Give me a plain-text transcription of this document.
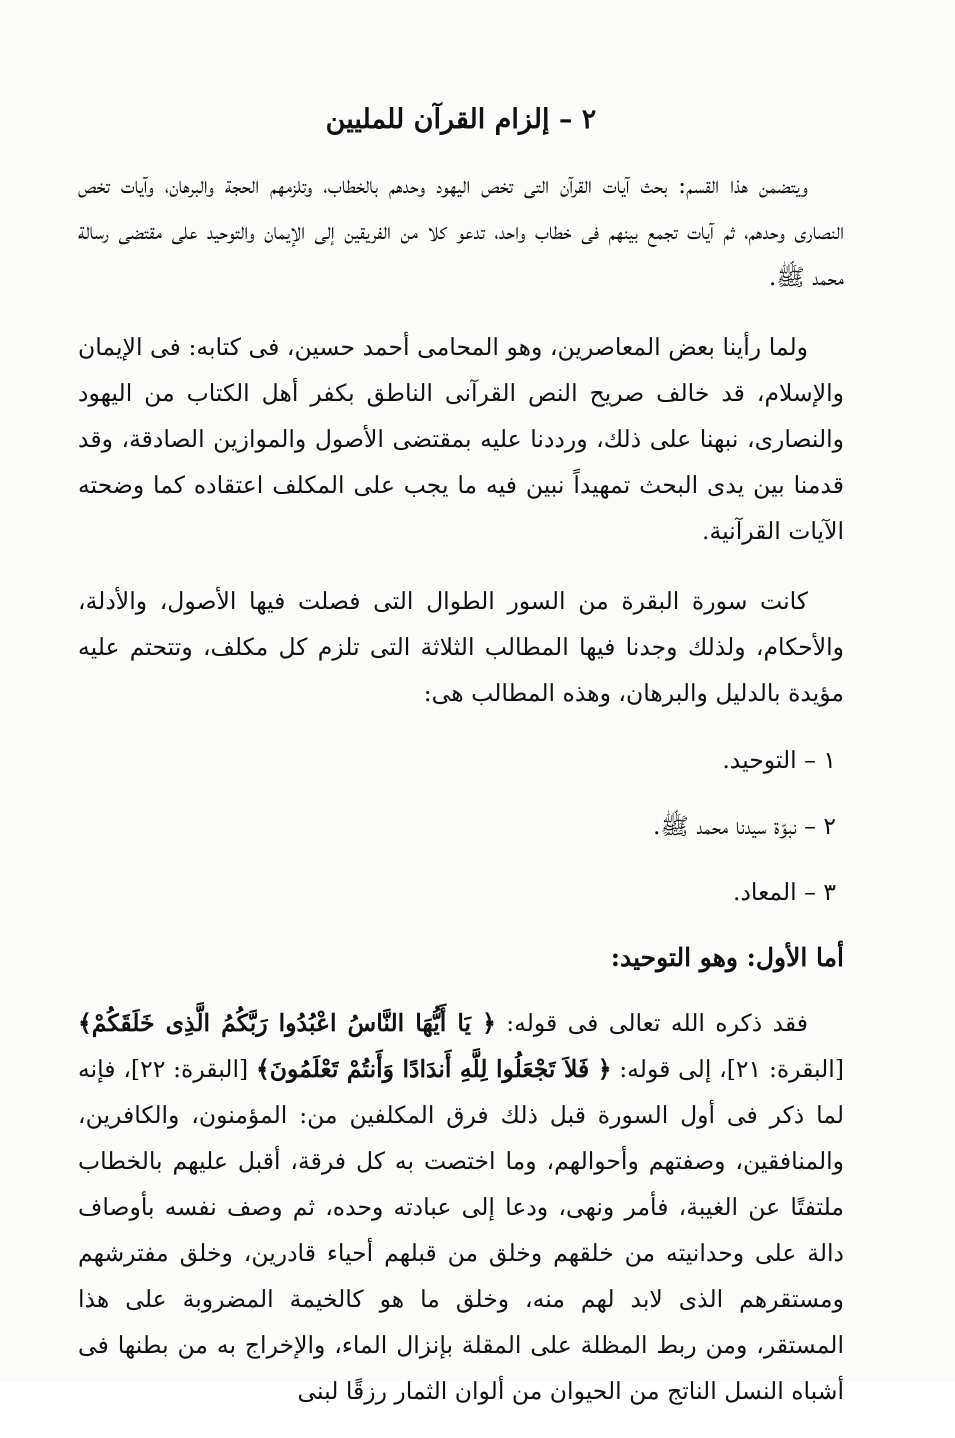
٢ – إلزام القرآن للمليين

ويتضمن هذا القسم: بحث آيات القرآن التى تخص اليهود وحدهم بالخطاب، وتلزمهم الحجة والبرهان، وآيات تخص النصارى وحدهم، ثم آيات تجمع بينهم فى خطاب واحد، تدعو كلا من الفريقين إلى الإيمان والتوحيد على مقتضى رسالة محمد ﷺ.

ولما رأينا بعض المعاصرين، وهو المحامى أحمد حسين، فى كتابه: فى الإيمان والإسلام، قد خالف صريح النص القرآنى الناطق بكفر أهل الكتاب من اليهود والنصارى، نبهنا على ذلك، ورددنا عليه بمقتضى الأصول والموازين الصادقة، وقد قدمنا بين يدى البحث تمهيداً نبين فيه ما يجب على المكلف اعتقاده كما وضحته الآيات القرآنية.

كانت سورة البقرة من السور الطوال التى فصلت فيها الأصول، والأدلة، والأحكام، ولذلك وجدنا فيها المطالب الثلاثة التى تلزم كل مكلف، وتتحتم عليه مؤيدة بالدليل والبرهان، وهذه المطالب هى:

١ – التوحيد.
٢ – نبوّة سيدنا محمد ﷺ.
٣ – المعاد.
أما الأول: وهو التوحيد:

فقد ذكره الله تعالى فى قوله: ﴿ يَا أَيُّهَا النَّاسُ اعْبُدُوا رَبَّكُمُ الَّذِى خَلَقَكُمْ﴾ [البقرة: ٢١]، إلى قوله: ﴿ فَلاَ تَجْعَلُوا لِلَّهِ أَندَادًا وَأَنتُمْ تَعْلَمُونَ﴾ [البقرة: ٢٢]، فإنه لما ذكر فى أول السورة قبل ذلك فرق المكلفين من: المؤمنون، والكافرين، والمنافقين، وصفتهم وأحوالهم، وما اختصت به كل فرقة، أقبل عليهم بالخطاب ملتفتًا عن الغيبة، فأمر ونهى، ودعا إلى عبادته وحده، ثم وصف نفسه بأوصاف دالة على وحدانيته من خلقهم وخلق من قبلهم أحياء قادرين، وخلق مفترشهم ومستقرهم الذى لابد لهم منه، وخلق ما هو كالخيمة المضروبة على هذا المستقر، ومن ربط المظلة على المقلة بإنزال الماء، والإخراج به من بطنها فى أشباه النسل الناتج من الحيوان من ألوان الثمار رزقًا لبنى
